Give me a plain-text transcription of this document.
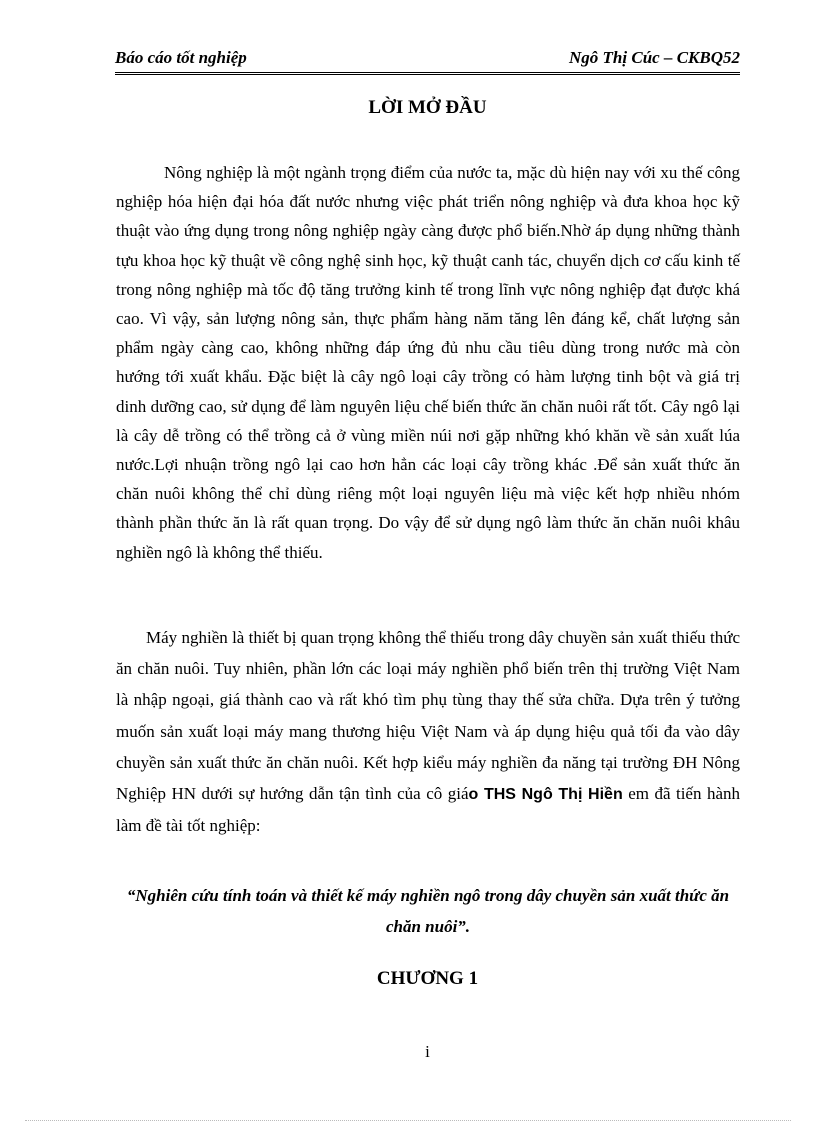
Báo cáo tốt nghiệp	Ngô Thị Cúc – CKBQ52
LỜI MỞ ĐẦU
Nông nghiệp là một ngành trọng điểm của nước ta, mặc dù hiện nay với xu thế công nghiệp hóa hiện đại hóa đất nước nhưng việc phát triển nông nghiệp và đưa khoa học kỹ thuật vào ứng dụng trong nông nghiệp ngày càng được phổ biến.Nhờ áp dụng những thành tựu khoa học kỹ thuật về công nghệ sinh học, kỹ thuật canh tác, chuyển dịch cơ cấu kinh tế trong nông nghiệp mà tốc độ tăng trưởng kinh tế trong lĩnh vực nông nghiệp đạt được khá cao. Vì vậy, sản lượng nông sản, thực phẩm hàng năm tăng lên đáng kể, chất lượng sản phẩm ngày càng cao, không những đáp ứng đủ nhu cầu tiêu dùng trong nước mà còn hướng tới xuất khẩu. Đặc biệt là cây ngô loại cây trồng có hàm lượng tinh bột và giá trị dinh dưỡng cao, sử dụng để làm nguyên liệu chế biến thức ăn chăn nuôi rất tốt. Cây ngô lại là cây dễ trồng có thể trồng cả ở vùng miền núi nơi gặp những khó khăn về sản xuất lúa nước.Lợi nhuận trồng ngô lại cao hơn hẳn các loại cây trồng khác .Để sản xuất thức ăn chăn nuôi không thể chỉ dùng riêng một loại nguyên liệu mà việc kết hợp nhiều nhóm thành phần thức ăn là rất quan trọng. Do vậy để sử dụng ngô làm thức ăn chăn nuôi khâu nghiền ngô là không thể thiếu.
Máy nghiền là thiết bị quan trọng không thể thiếu trong dây chuyền sản xuất thiếu thức ăn chăn nuôi. Tuy nhiên, phần lớn các loại máy nghiền phổ biến trên thị trường Việt Nam là nhập ngoại, giá thành cao và rất khó tìm phụ tùng thay thế sửa chữa. Dựa trên ý tưởng muốn sản xuất loại máy mang thương hiệu Việt Nam và áp dụng hiệu quả tối đa vào dây chuyền sản xuất thức ăn chăn nuôi. Kết hợp kiểu máy nghiền đa năng tại trường ĐH Nông Nghiệp HN dưới sự hướng dẫn tận tình của cô giáo THS Ngô Thị Hiền em đã tiến hành làm đề tài tốt nghiệp:
“Nghiên cứu tính toán và thiết kế máy nghiền ngô trong dây chuyền sản xuất thức ăn chăn nuôi”.
CHƯƠNG 1
i
